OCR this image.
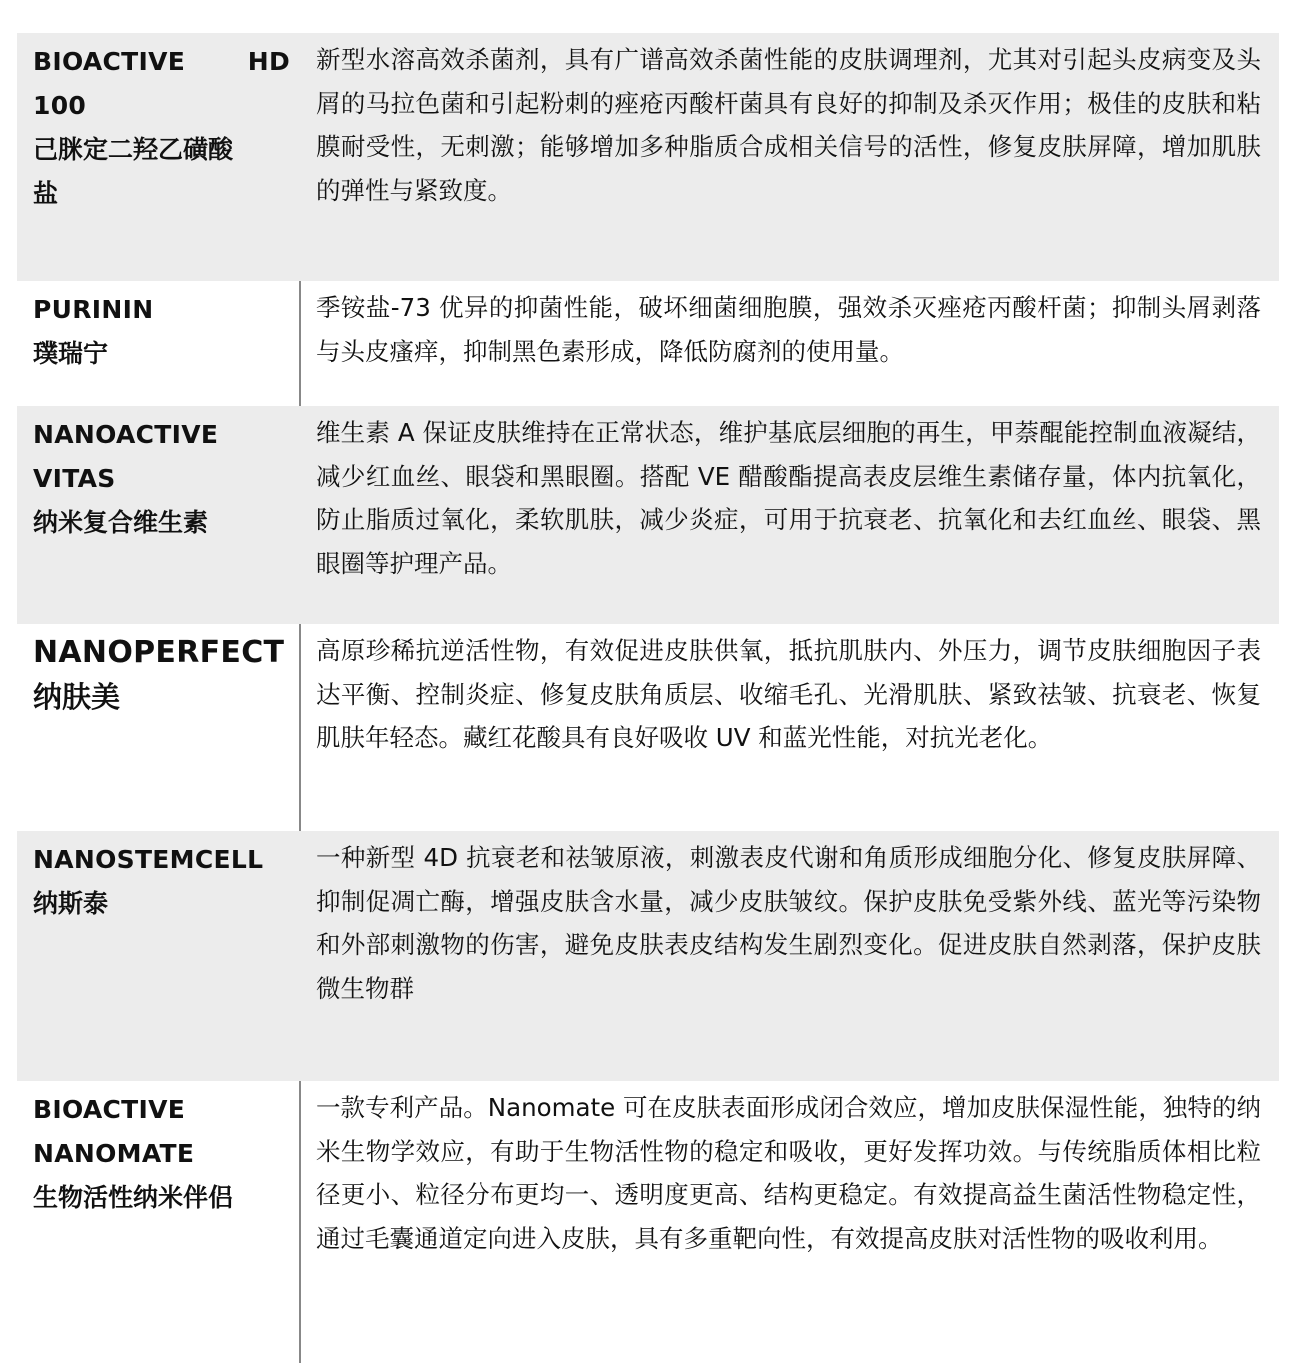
BIOACTIVE	HD
100
己脒定二羟乙磺酸
盐

新型水溶高效杀菌剂，具有广谱高效杀菌性能的皮肤调理剂，尤其对引起头皮病变及头屑的马拉色菌和引起粉刺的痤疮丙酸杆菌具有良好的抑制及杀灭作用；极佳的皮肤和粘膜耐受性，无刺激；能够增加多种脂质合成相关信号的活性，修复皮肤屏障，增加肌肤的弹性与紧致度。

PURININ
璞瑞宁

季铵盐-73 优异的抑菌性能，破坏细菌细胞膜，强效杀灭痤疮丙酸杆菌；抑制头屑剥落与头皮瘙痒，抑制黑色素形成，降低防腐剂的使用量。

NANOACTIVE
VITAS
纳米复合维生素

维生素 A 保证皮肤维持在正常状态，维护基底层细胞的再生，甲萘醌能控制血液凝结，减少红血丝、眼袋和黑眼圈。搭配 VE 醋酸酯提高表皮层维生素储存量，体内抗氧化，防止脂质过氧化，柔软肌肤，减少炎症，可用于抗衰老、抗氧化和去红血丝、眼袋、黑眼圈等护理产品。

NANOPERFECT
纳肤美

高原珍稀抗逆活性物，有效促进皮肤供氧，抵抗肌肤内、外压力，调节皮肤细胞因子表达平衡、控制炎症、修复皮肤角质层、收缩毛孔、光滑肌肤、紧致祛皱、抗衰老、恢复肌肤年轻态。藏红花酸具有良好吸收 UV 和蓝光性能，对抗光老化。

NANOSTEMCELL
纳斯泰

一种新型 4D 抗衰老和祛皱原液，刺激表皮代谢和角质形成细胞分化、修复皮肤屏障、抑制促凋亡酶，增强皮肤含水量，减少皮肤皱纹。保护皮肤免受紫外线、蓝光等污染物和外部刺激物的伤害，避免皮肤表皮结构发生剧烈变化。促进皮肤自然剥落，保护皮肤微生物群

BIOACTIVE
NANOMATE
生物活性纳米伴侣

一款专利产品。Nanomate 可在皮肤表面形成闭合效应，增加皮肤保湿性能，独特的纳米生物学效应，有助于生物活性物的稳定和吸收，更好发挥功效。与传统脂质体相比粒径更小、粒径分布更均一、透明度更高、结构更稳定。有效提高益生菌活性物稳定性，通过毛囊通道定向进入皮肤，具有多重靶向性，有效提高皮肤对活性物的吸收利用。
